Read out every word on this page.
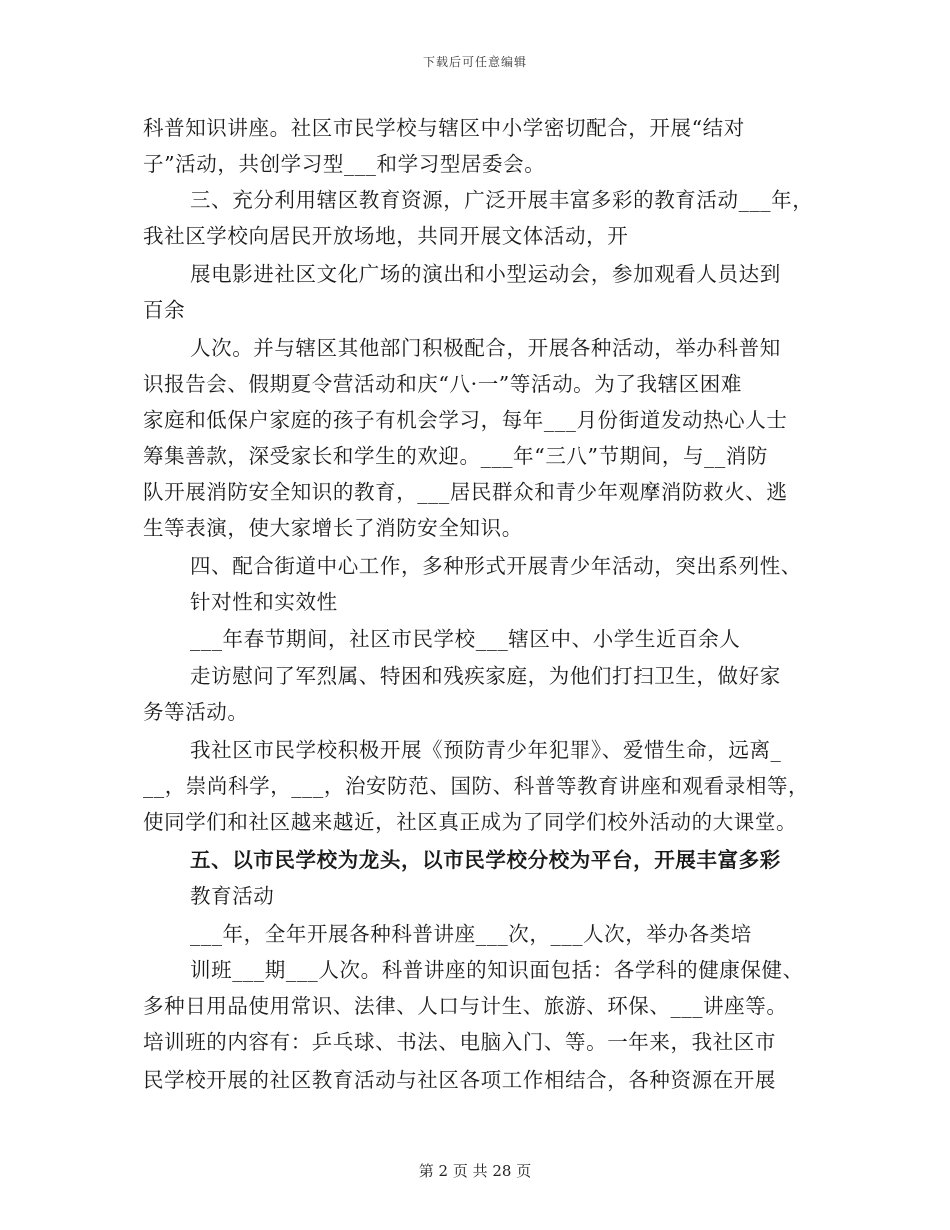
下载后可任意编辑
科普知识讲座。社区市民学校与辖区中小学密切配合，开展“结对
子”活动，共创学习型___和学习型居委会。
三、充分利用辖区教育资源，广泛开展丰富多彩的教育活动___年，
我社区学校向居民开放场地，共同开展文体活动，开
展电影进社区文化广场的演出和小型运动会，参加观看人员达到
百余
人次。并与辖区其他部门积极配合，开展各种活动，举办科普知
识报告会、假期夏令营活动和庆“八·一”等活动。为了我辖区困难
家庭和低保户家庭的孩子有机会学习，每年___月份街道发动热心人士
筹集善款，深受家长和学生的欢迎。___年“三八”节期间，与__消防
队开展消防安全知识的教育，___居民群众和青少年观摩消防救火、逃
生等表演，使大家增长了消防安全知识。
四、配合街道中心工作，多种形式开展青少年活动，突出系列性、
针对性和实效性
___年春节期间，社区市民学校___辖区中、小学生近百余人
走访慰问了军烈属、特困和残疾家庭，为他们打扫卫生，做好家
务等活动。
我社区市民学校积极开展《预防青少年犯罪》、爱惜生命，远离_
__，崇尚科学，___，治安防范、国防、科普等教育讲座和观看录相等，
使同学们和社区越来越近，社区真正成为了同学们校外活动的大课堂。
五、以市民学校为龙头，以市民学校分校为平台，开展丰富多彩
教育活动
___年，全年开展各种科普讲座___次，___人次，举办各类培
训班___期___人次。科普讲座的知识面包括：各学科的健康保健、
多种日用品使用常识、法律、人口与计生、旅游、环保、___讲座等。
培训班的内容有：乒乓球、书法、电脑入门、等。一年来，我社区市
民学校开展的社区教育活动与社区各项工作相结合，各种资源在开展
第 2 页 共 28 页
